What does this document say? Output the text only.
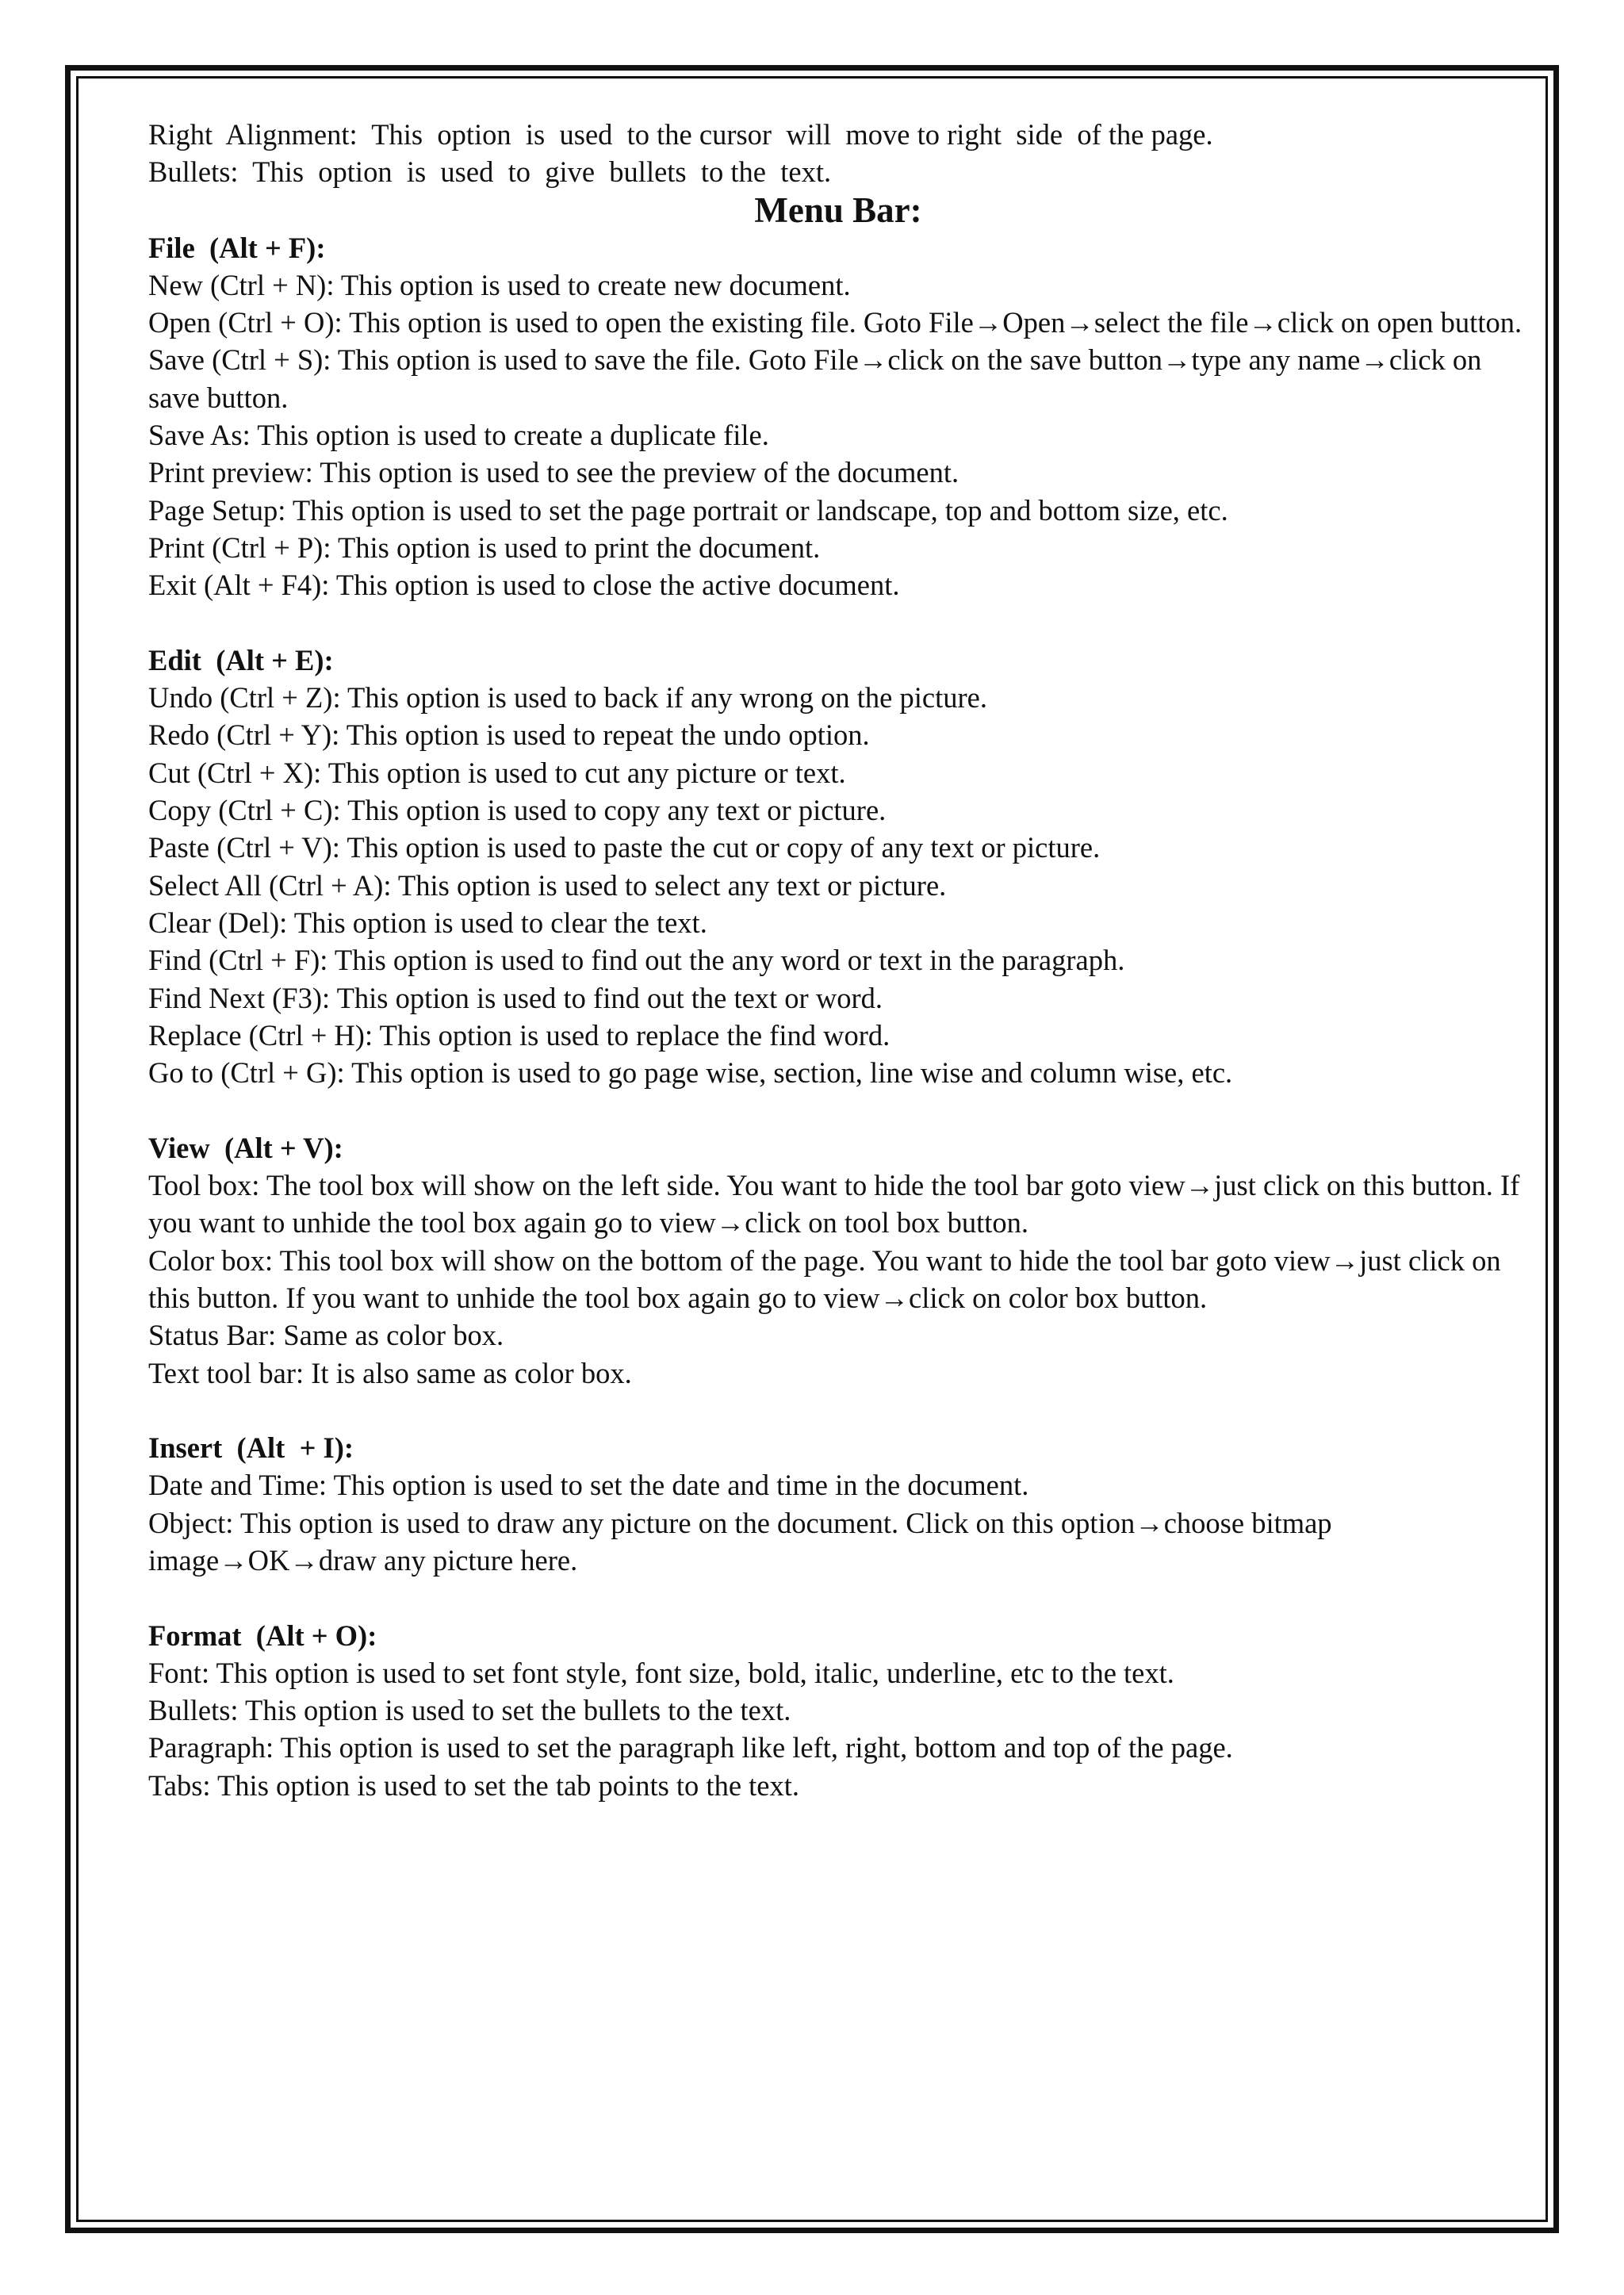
Right  Alignment:  This  option  is  used  to the cursor  will  move to right  side  of the page.
Bullets:  This  option  is  used  to  give  bullets  to the  text.
Menu Bar:
File  (Alt + F):
New (Ctrl + N): This option is used to create new document.
Open (Ctrl + O): This option is used to open the existing file. Goto File→Open→select the file→click on open button.
Save (Ctrl + S): This option is used to save the file. Goto File→click on the save button→type any name→click on save button.
Save As: This option is used to create a duplicate file.
Print preview: This option is used to see the preview of the document.
Page Setup: This option is used to set the page portrait or landscape, top and bottom size, etc.
Print (Ctrl + P): This option is used to print the document.
Exit (Alt + F4): This option is used to close the active document.
Edit  (Alt + E):
Undo (Ctrl + Z): This option is used to back if any wrong on the picture.
Redo (Ctrl + Y): This option is used to repeat the undo option.
Cut (Ctrl + X): This option is used to cut any picture or text.
Copy (Ctrl + C): This option is used to copy any text or picture.
Paste (Ctrl + V): This option is used to paste the cut or copy of any text or picture.
Select All (Ctrl + A): This option is used to select any text or picture.
Clear (Del): This option is used to clear the text.
Find (Ctrl + F): This option is used to find out the any word or text in the paragraph.
Find Next (F3): This option is used to find out the text or word.
Replace (Ctrl + H): This option is used to replace the find word.
Go to (Ctrl + G): This option is used to go page wise, section, line wise and column wise, etc.
View  (Alt + V):
Tool box: The tool box will show on the left side. You want to hide the tool bar goto view→just click on this button. If you want to unhide the tool box again go to view→click on tool box button.
Color box: This tool box will show on the bottom of the page. You want to hide the tool bar goto view→just click on this button. If you want to unhide the tool box again go to view→click on color box button.
Status Bar: Same as color box.
Text tool bar: It is also same as color box.
Insert  (Alt  + I):
Date and Time: This option is used to set the date and time in the document.
Object: This option is used to draw any picture on the document. Click on this option→choose bitmap image→OK→draw any picture here.
Format  (Alt + O):
Font: This option is used to set font style, font size, bold, italic, underline, etc to the text.
Bullets: This option is used to set the bullets to the text.
Paragraph: This option is used to set the paragraph like left, right, bottom and top of the page.
Tabs: This option is used to set the tab points to the text.
